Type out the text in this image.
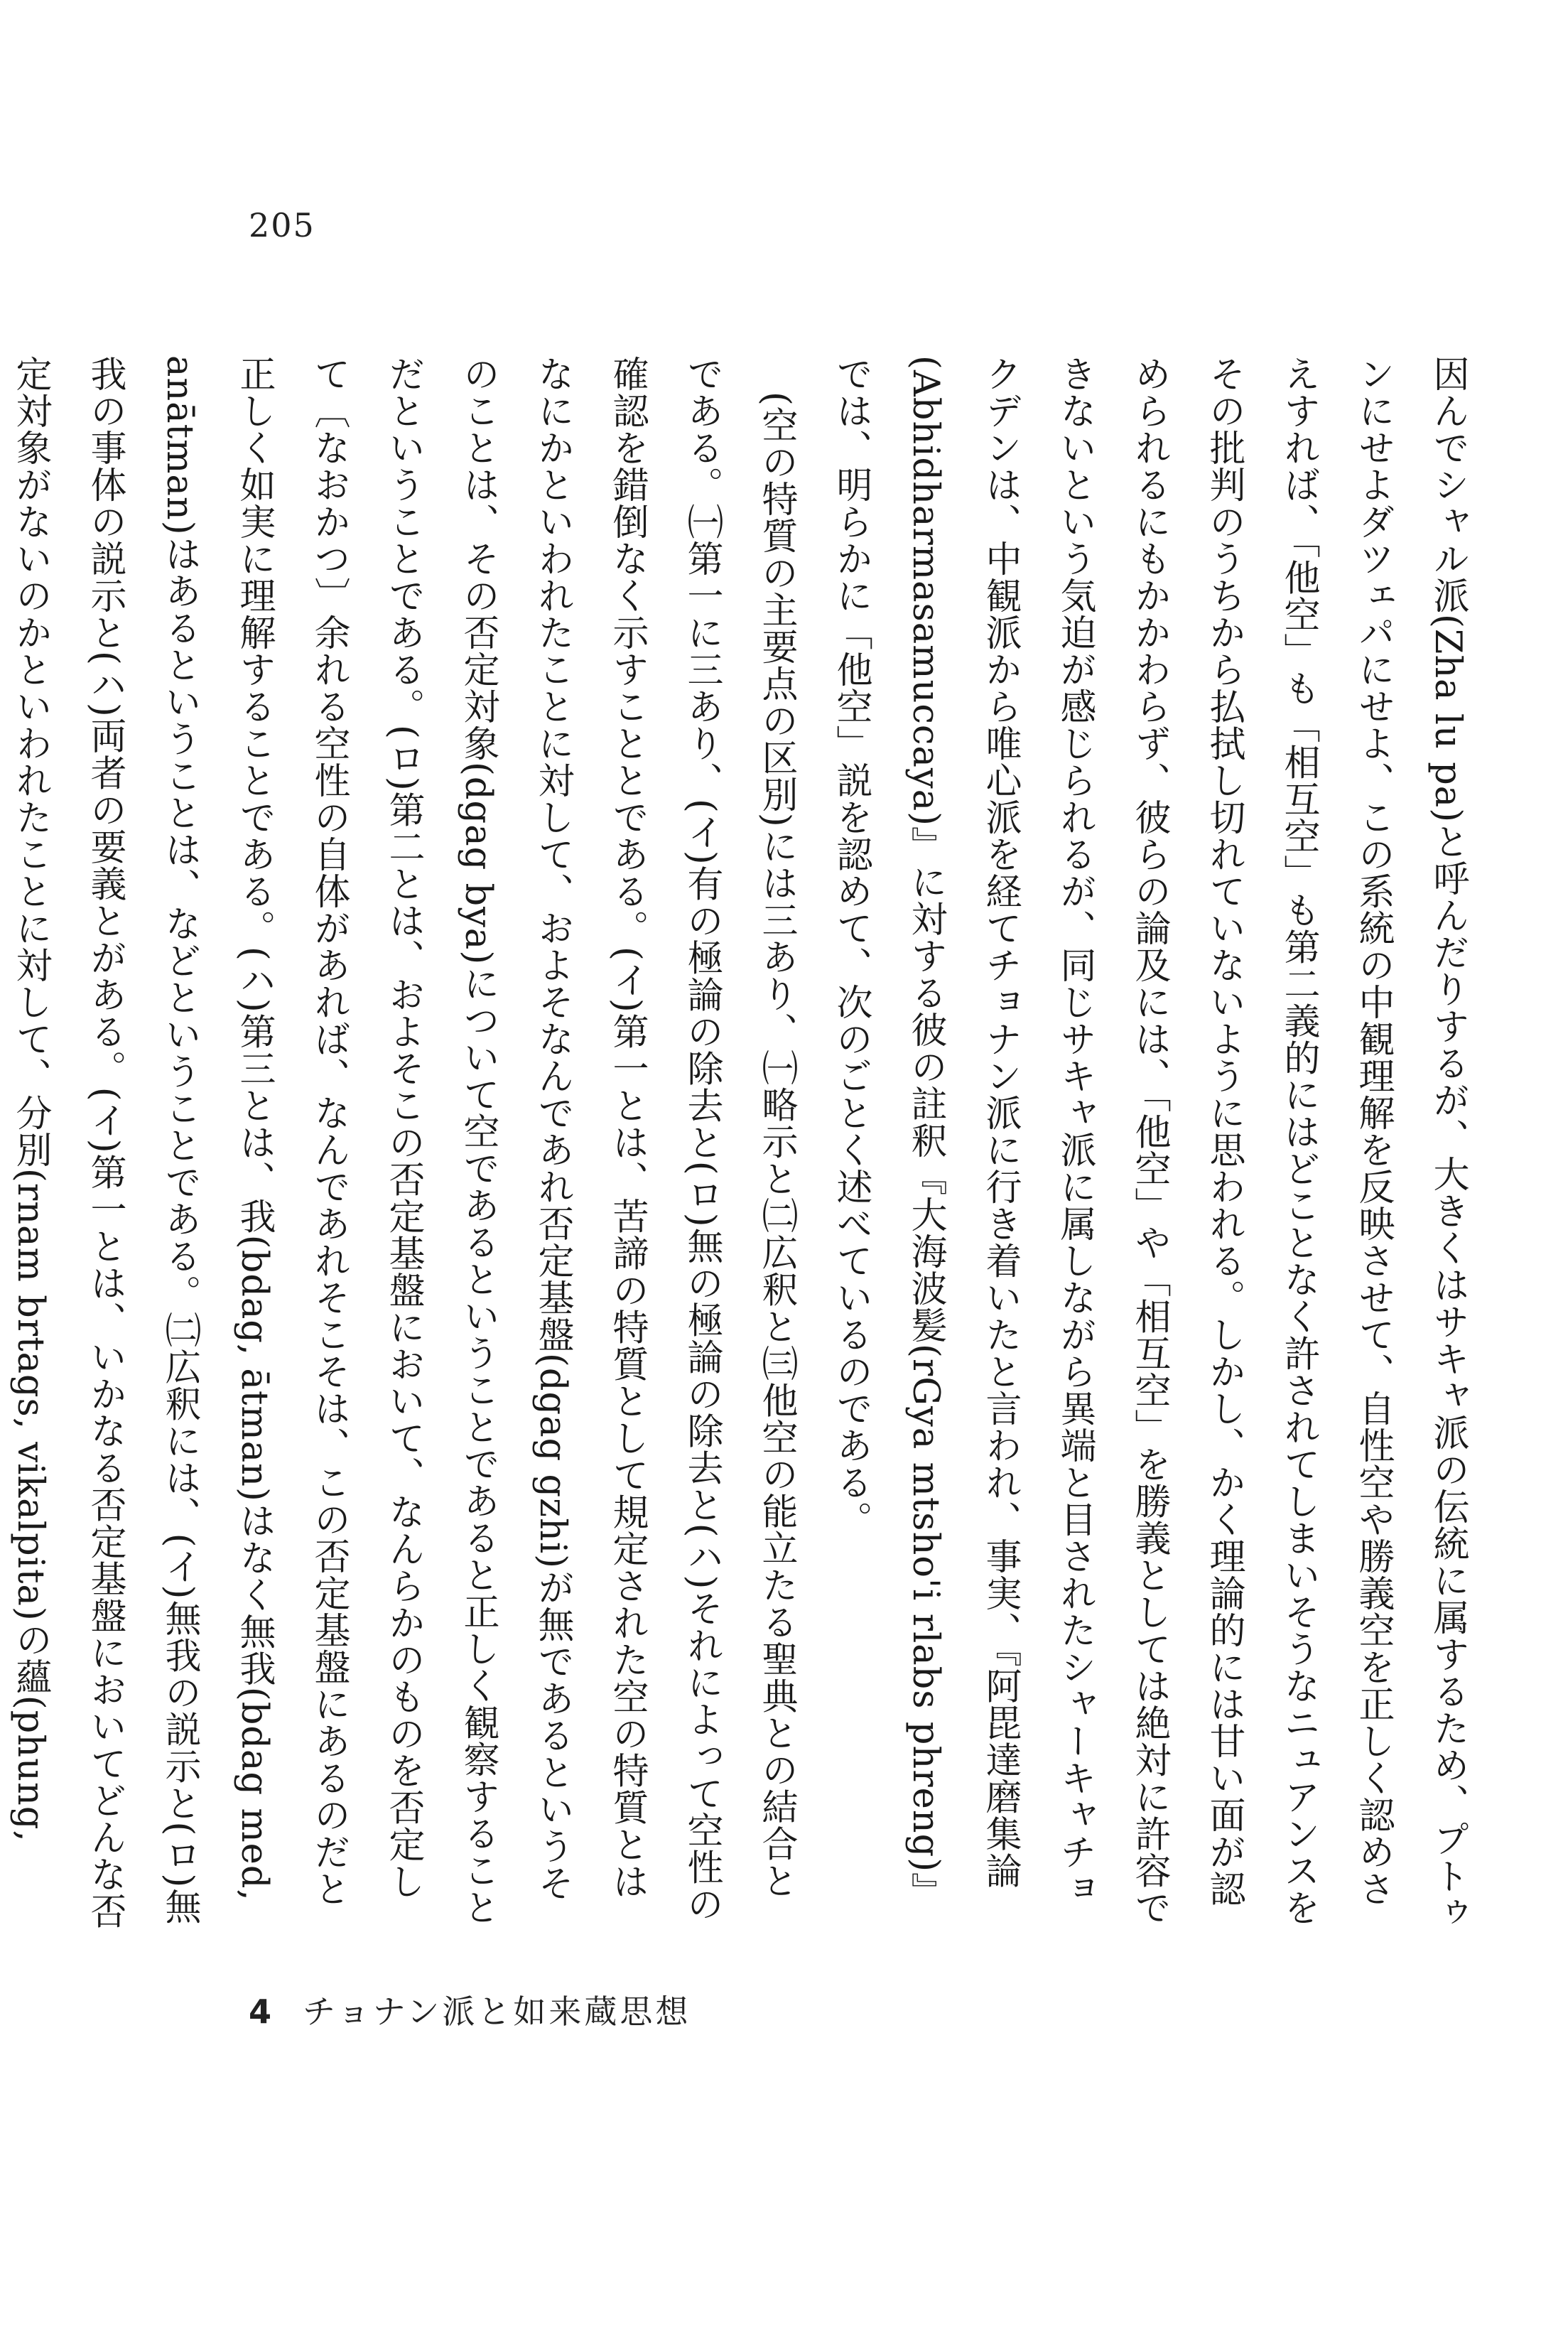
205

因んでシャル派(Zha lu pa)と呼んだりするが、大きくはサキャ派の伝統に属するため、プトゥンにせよダツェパにせよ、この系統の中観理解を反映させて、自性空や勝義空を正しく認めさえすれば、「他空」も「相互空」も第二義的にはどことなく許されてしまいそうなニュアンスをその批判のうちから払拭し切れていないように思われる。しかし、かく理論的には甘い面が認められるにもかかわらず、彼らの論及には、「他空」や「相互空」を勝義としては絶対に許容できないという気迫が感じられるが、同じサキャ派に属しながら異端と目されたシャーキャチョクデンは、中観派から唯心派を経てチョナン派に行き着いたと言われ、事実、『阿毘達磨集論(Abhidharmasamuccaya)』に対する彼の註釈『大海波髪(rGya mtsho'i rlabs phreng)』では、明らかに「他空」説を認めて、次のごとく述べているのである。

(空の特質の主要点の区別)には三あり、㈠略示と㈡広釈と㈢他空の能立たる聖典との結合とである。㈠第一に三あり、(イ)有の極論の除去と(ロ)無の極論の除去と(ハ)それによって空性の確認を錯倒なく示すこととである。(イ)第一とは、苦諦の特質として規定された空の特質とはなにかといわれたことに対して、およそなんであれ否定基盤(dgag gzhi)が無であるというそのことは、その否定対象(dgag bya)について空であるということであると正しく観察することだということである。(ロ)第二とは、およそこの否定基盤において、なんらかのものを否定して〔なおかつ〕余れる空性の自体があれば、なんであれそこそは、この否定基盤にあるのだと正しく如実に理解することである。(ハ)第三とは、我(bdag, ātman)はなく無我(bdag med, anātman)はあるということは、などということである。㈡広釈には、(イ)無我の説示と(ロ)無我の事体の説示と(ハ)両者の要義とがある。(イ)第一とは、いかなる否定基盤においてどんな否定対象がないのかといわれたことに対して、分別(rnam brtags, vikalpita)の蘊(phung,

4 チョナン派と如来蔵思想
